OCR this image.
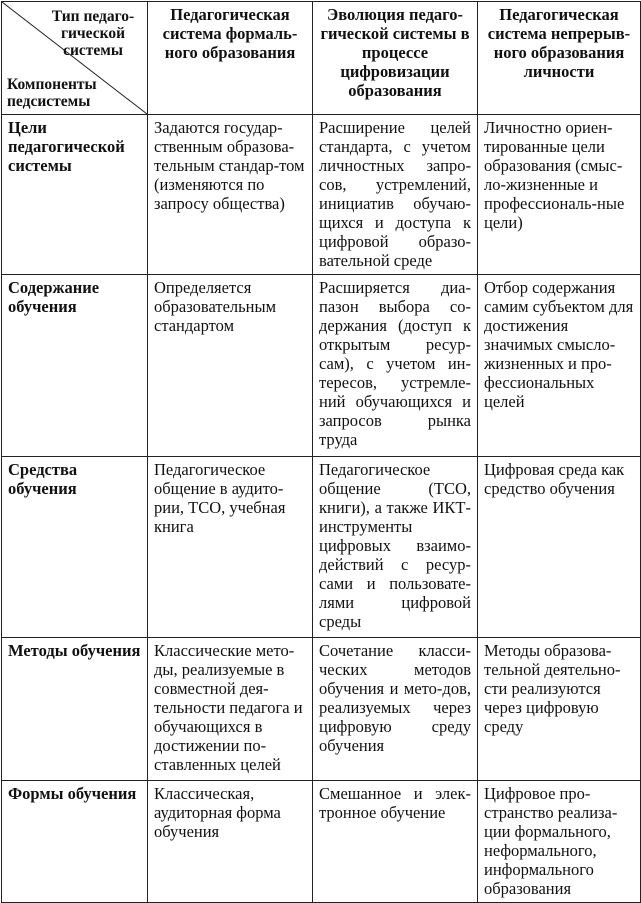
Тип педаго-гической системы
Компоненты педсистемы	Педагогическая система формаль-ного образования	Эволюция педаго-гической системы в процессе цифровизации образования	Педагогическая система непрерыв-ного образования личности
Цели педагогической системы	Задаются государ-ственным образова-тельным стандар-том (изменяются по запросу общества)	Расширение целей стандарта, с учетом личностных запро-сов, устремлений, инициатив обучаю-щихся и доступа к цифровой образо-вательной среде	Личностно ориен-тированные цели образования (смыс-ло-жизненные и профессиональ-ные цели)
Содержание обучения	Определяется образовательным стандартом	Расширяется диа-пазон выбора со-держания (доступ к открытым ресур-сам), с учетом ин-тересов, устремле-ний обучающихся и запросов рынка труда	Отбор содержания самим субъектом для достижения значимых смысло-жизненных и про-фессиональных целей
Средства обучения	Педагогическое общение в аудито-рии, ТСО, учебная книга	Педагогическое общение (ТСО, книги), а также ИКТ-инструменты цифровых взаимо-действий с ресур-сами и пользовате-лями цифровой среды	Цифровая среда как средство обучения
Методы обучения	Классические мето-ды, реализуемые в совместной дея-тельности педагога и обучающихся в достижении по-ставленных целей	Сочетание класси-ческих методов обучения и мето-дов, реализуемых через цифровую среду обучения	Методы образова-тельной деятельно-сти реализуются через цифровую среду
Формы обучения	Классическая, аудиторная форма обучения	Смешанное и элек-тронное обучение	Цифровое про-странство реализа-ции формального, неформального, информального образования
